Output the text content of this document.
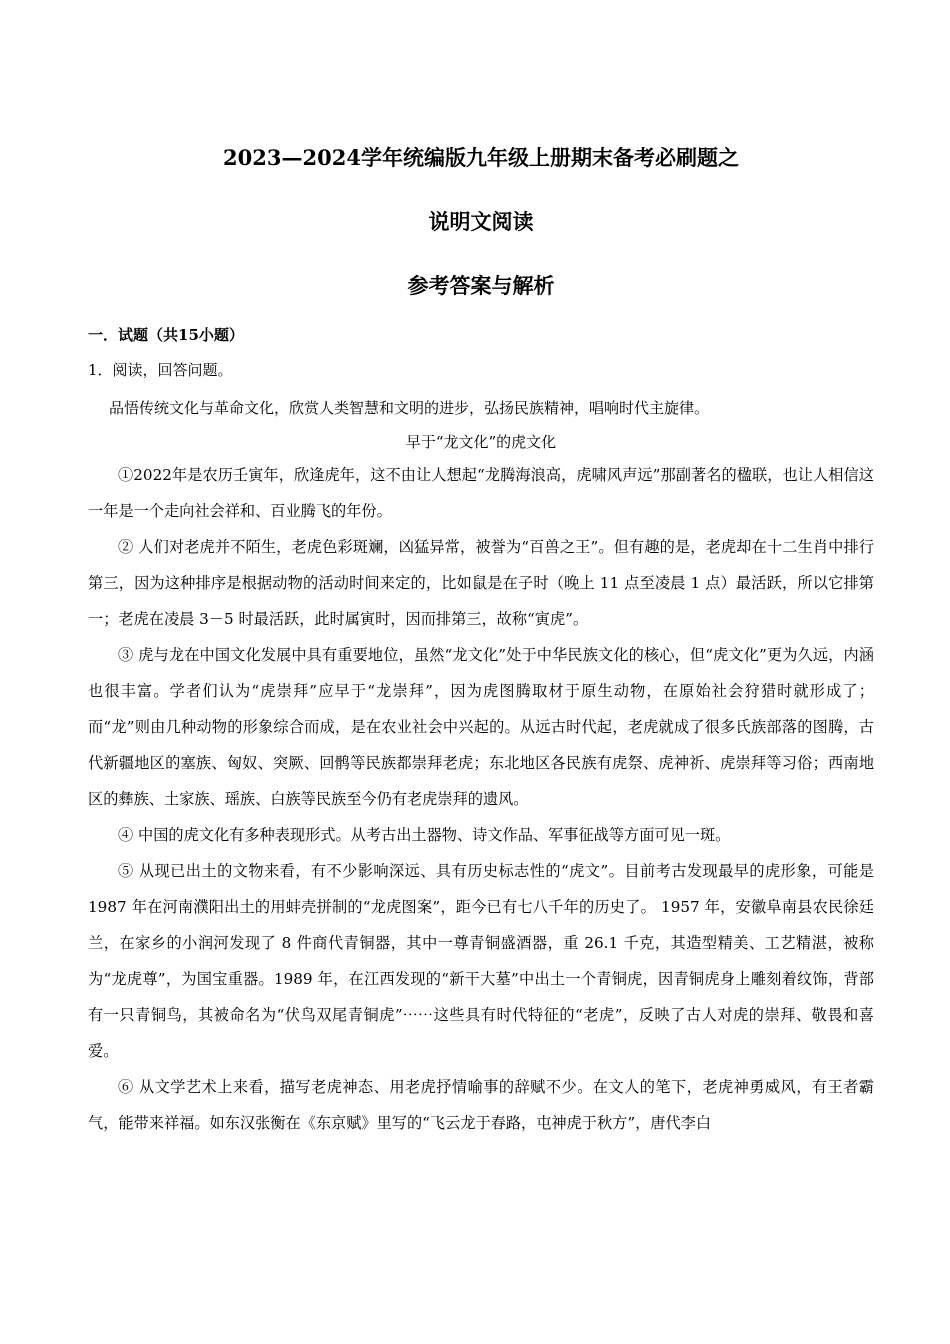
2023—2024学年统编版九年级上册期末备考必刷题之
说明文阅读
参考答案与解析
一．试题（共15小题）
1．阅读，回答问题。
品悟传统文化与革命文化，欣赏人类智慧和文明的进步，弘扬民族精神，唱响时代主旋律。
早于“龙文化”的虎文化

①2022年是农历壬寅年，欣逢虎年，这不由让人想起“龙腾海浪高，虎啸风声远”那副著名的楹联，也让人相信这一年是一个走向社会祥和、百业腾飞的年份。

② 人们对老虎并不陌生，老虎色彩斑斓，凶猛异常，被誉为“百兽之王”。但有趣的是，老虎却在十二生肖中排行第三，因为这种排序是根据动物的活动时间来定的，比如鼠是在子时（晚上 11 点至凌晨 1 点）最活跃，所以它排第一；老虎在凌晨 3－5 时最活跃，此时属寅时，因而排第三，故称“寅虎”。

③ 虎与龙在中国文化发展中具有重要地位，虽然“龙文化”处于中华民族文化的核心，但“虎文化”更为久远，内涵也很丰富。学者们认为“虎崇拜”应早于“龙崇拜”，因为虎图腾取材于原生动物，在原始社会狩猎时就形成了；而“龙”则由几种动物的形象综合而成，是在农业社会中兴起的。从远古时代起，老虎就成了很多氏族部落的图腾，古代新疆地区的塞族、匈奴、突厥、回鹘等民族都崇拜老虎；东北地区各民族有虎祭、虎神祈、虎崇拜等习俗；西南地区的彝族、土家族、瑶族、白族等民族至今仍有老虎崇拜的遗风。

④ 中国的虎文化有多种表现形式。从考古出土器物、诗文作品、军事征战等方面可见一斑。

⑤ 从现已出土的文物来看，有不少影响深远、具有历史标志性的“虎文”。目前考古发现最早的虎形象，可能是 1987 年在河南濮阳出土的用蚌壳拼制的“龙虎图案”，距今已有七八千年的历史了。 1957 年，安徽阜南县农民徐廷兰，在家乡的小润河发现了 8 件商代青铜器，其中一尊青铜盛酒器，重 26.1 千克，其造型精美、工艺精湛，被称为“龙虎尊”，为国宝重器。1989 年，在江西发现的“新干大墓”中出土一个青铜虎，因青铜虎身上雕刻着纹饰，背部有一只青铜鸟，其被命名为“伏鸟双尾青铜虎”⋯⋯这些具有时代特征的“老虎”，反映了古人对虎的崇拜、敬畏和喜爱。

⑥ 从文学艺术上来看，描写老虎神态、用老虎抒情喻事的辞赋不少。在文人的笔下，老虎神勇威风，有王者霸气，能带来祥福。如东汉张衡在《东京赋》里写的“飞云龙于春路，屯神虎于秋方”，唐代李白
